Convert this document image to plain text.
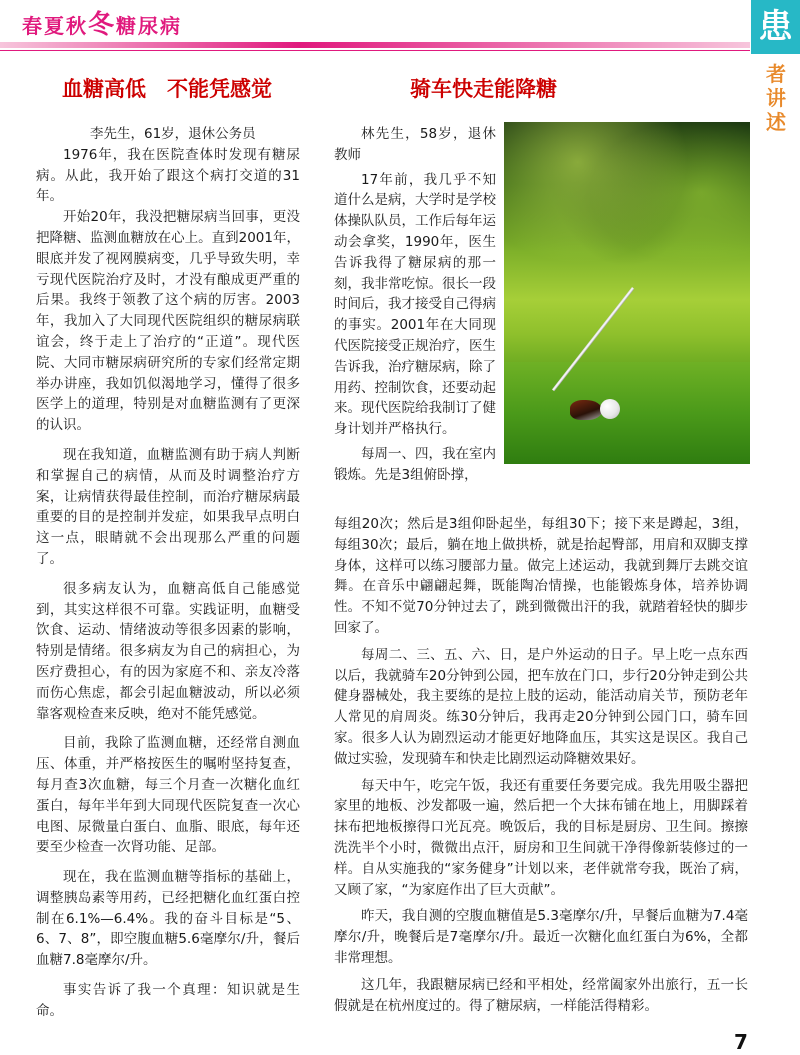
春夏秋冬糖尿病	患
者
讲
述
血糖高低　不能凭感觉	骑车快走能降糖

李先生，61岁，退休公务员

1976年，我在医院查体时发现有糖尿病。从此，我开始了跟这个病打交道的31年。

开始20年，我没把糖尿病当回事，更没把降糖、监测血糖放在心上。直到2001年，眼底并发了视网膜病变，几乎导致失明，幸亏现代医院治疗及时，才没有酿成更严重的后果。我终于领教了这个病的厉害。2003年，我加入了大同现代医院组织的糖尿病联谊会，终于走上了治疗的“正道”。现代医院、大同市糖尿病研究所的专家们经常定期举办讲座，我如饥似渴地学习，懂得了很多医学上的道理，特别是对血糖监测有了更深的认识。

现在我知道，血糖监测有助于病人判断和掌握自己的病情，从而及时调整治疗方案，让病情获得最佳控制，而治疗糖尿病最重要的目的是控制并发症，如果我早点明白这一点，眼睛就不会出现那么严重的问题了。

很多病友认为，血糖高低自己能感觉到，其实这样很不可靠。实践证明，血糖受饮食、运动、情绪波动等很多因素的影响，特别是情绪。很多病友为自己的病担心，为医疗费担心，有的因为家庭不和、亲友冷落而伤心焦虑，都会引起血糖波动，所以必须靠客观检查来反映，绝对不能凭感觉。

目前，我除了监测血糖，还经常自测血压、体重，并严格按医生的嘱咐坚持复查，每月查3次血糖，每三个月查一次糖化血红蛋白，每年半年到大同现代医院复查一次心电图、尿微量白蛋白、血脂、眼底，每年还要至少检查一次肾功能、足部。

现在，我在监测血糖等指标的基础上，调整胰岛素等用药，已经把糖化血红蛋白控制在6.1%—6.4%。我的奋斗目标是“5、6、7、8”，即空腹血糖5.6毫摩尔/升，餐后血糖7.8毫摩尔/升。

事实告诉了我一个真理：知识就是生命。

林先生，58岁，退休教师

17年前，我几乎不知道什么是病，大学时是学校体操队队员，工作后每年运动会拿奖，1990年，医生告诉我得了糖尿病的那一刻，我非常吃惊。很长一段时间后，我才接受自己得病的事实。2001年在大同现代医院接受正规治疗，医生告诉我，治疗糖尿病，除了用药、控制饮食，还要动起来。现代医院给我制订了健身计划并严格执行。

每周一、四，我在室内锻炼。先是3组俯卧撑，

每组20次；然后是3组仰卧起坐，每组30下；接下来是蹲起，3组，每组30次；最后，躺在地上做拱桥，就是抬起臀部，用肩和双脚支撑身体，这样可以练习腰部力量。做完上述运动，我就到舞厅去跳交谊舞。在音乐中翩翩起舞，既能陶冶情操，也能锻炼身体，培养协调性。不知不觉70分钟过去了，跳到微微出汗的我，就踏着轻快的脚步回家了。

每周二、三、五、六、日，是户外运动的日子。早上吃一点东西以后，我就骑车20分钟到公园，把车放在门口，步行20分钟走到公共健身器械处，我主要练的是拉上肢的运动，能活动肩关节，预防老年人常见的肩周炎。练30分钟后，我再走20分钟到公园门口，骑车回家。很多人认为剧烈运动才能更好地降血压，其实这是误区。我自己做过实验，发现骑车和快走比剧烈运动降糖效果好。

每天中午，吃完午饭，我还有重要任务要完成。我先用吸尘器把家里的地板、沙发都吸一遍，然后把一个大抹布铺在地上，用脚踩着抹布把地板擦得口光瓦亮。晚饭后，我的目标是厨房、卫生间。擦擦洗洗半个小时，微微出点汗，厨房和卫生间就干净得像新装修过的一样。自从实施我的“家务健身”计划以来，老伴就常夸我，既治了病，又顾了家，“为家庭作出了巨大贡献”。

昨天，我自测的空腹血糖值是5.3毫摩尔/升，早餐后血糖为7.4毫摩尔/升，晚餐后是7毫摩尔/升。最近一次糖化血红蛋白为6%，全都非常理想。

这几年，我跟糖尿病已经和平相处，经常阖家外出旅行，五一长假就是在杭州度过的。得了糖尿病，一样能活得精彩。

7
